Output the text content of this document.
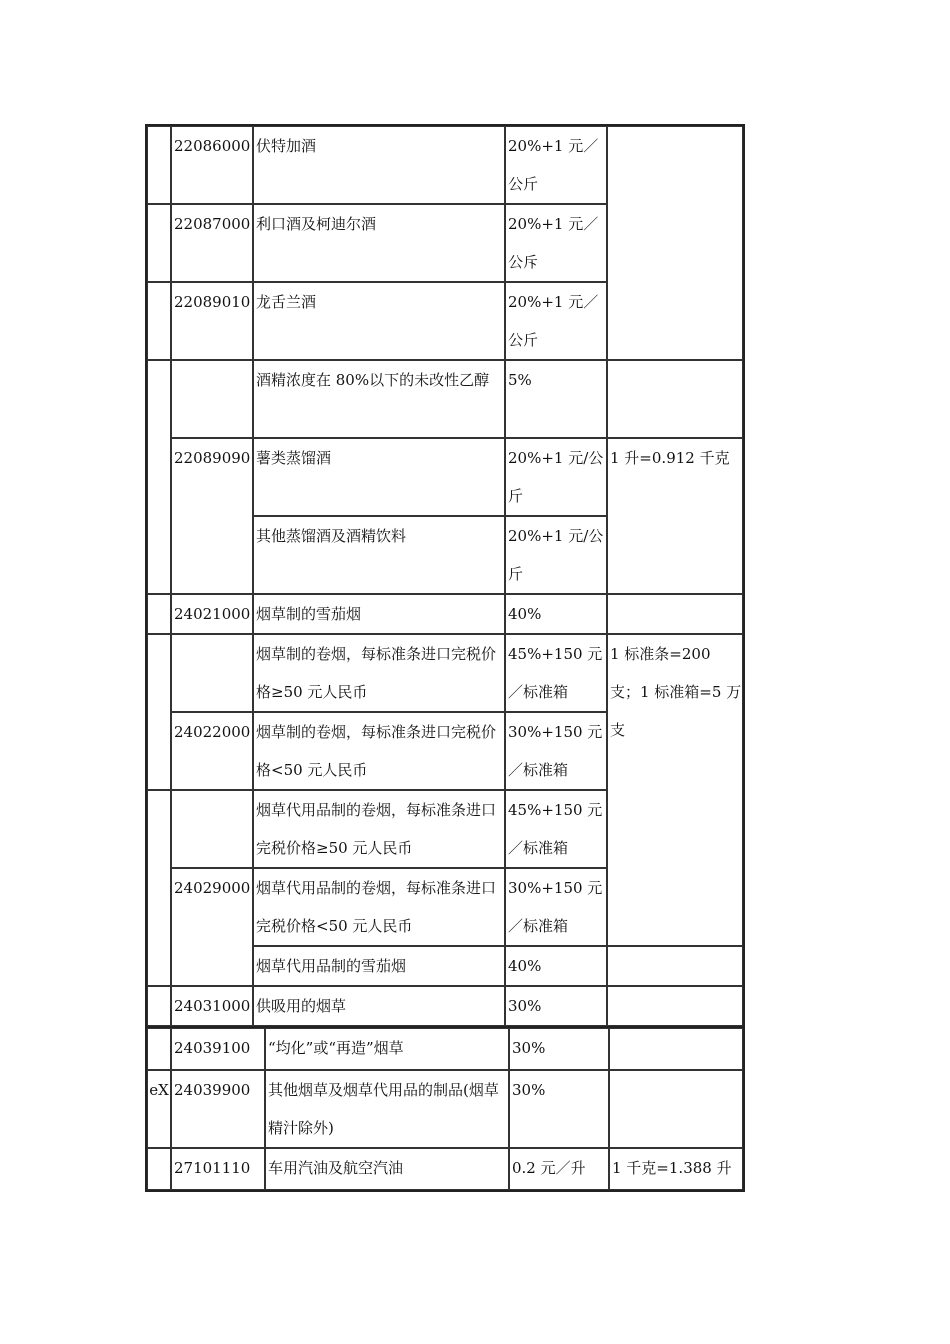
	22086000	伏特加酒	20%+1 元／公斤	
	22087000	利口酒及柯迪尔酒	20%+1 元／公斥	
	22089010	龙舌兰酒	20%+1 元／公斤	
		酒精浓度在 80%以下的未改性乙醇	5%	
	22089090	薯类蒸馏酒	20%+1 元/公斤	1 升=0.912 千克
		其他蒸馏酒及酒精饮料	20%+1 元/公斤	
	24021000	烟草制的雪茄烟	40%	
		烟草制的卷烟，每标准条进口完税价格≥50 元人民币	45%+150 元／标准箱	1 标准条=200 支；1 标准箱=5 万支
	24022000	烟草制的卷烟，每标准条进口完税价格<50 元人民币	30%+150 元／标准箱	
		烟草代用品制的卷烟，每标准条进口完税价格≥50 元人民币	45%+150 元／标准箱	
	24029000	烟草代用品制的卷烟，每标准条进口完税价格<50 元人民币	30%+150 元／标准箱	
		烟草代用品制的雪茄烟	40%	
	24031000	供吸用的烟草	30%	
	24039100	“均化”或“再造”烟草	30%	
eX	24039900	其他烟草及烟草代用品的制品(烟草精汁除外)	30%	
	27101110	车用汽油及航空汽油	0.2 元／升	1 千克=1.388 升
